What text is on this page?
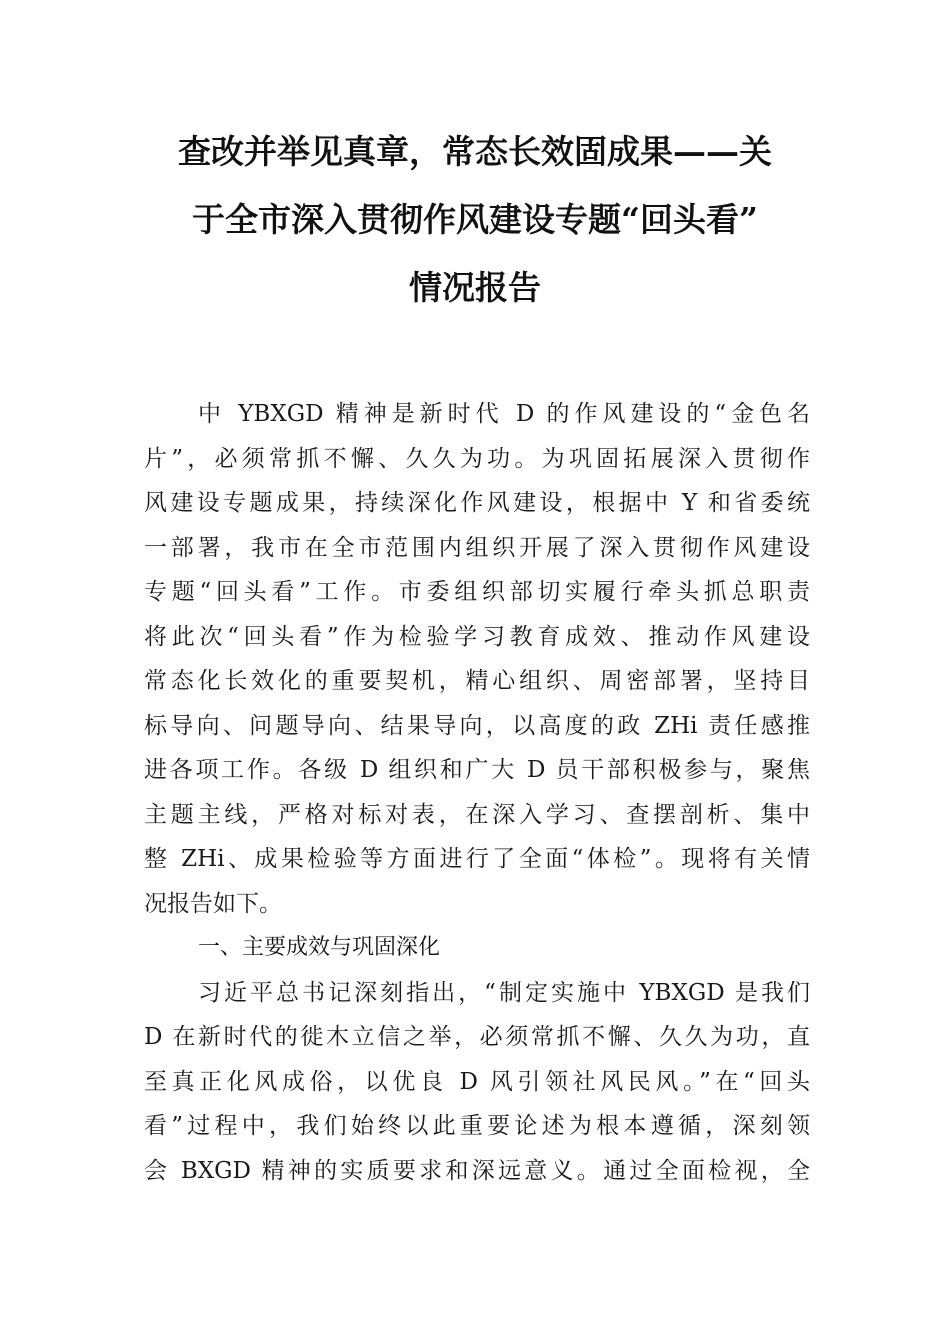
查改并举见真章，常态长效固成果——关
于全市深入贯彻作风建设专题“回头看”
情况报告
中 YBXGD 精神是新时代 D 的作风建设的“金色名
片”，必须常抓不懈、久久为功。为巩固拓展深入贯彻作
风建设专题成果，持续深化作风建设，根据中 Y 和省委统
一部署，我市在全市范围内组织开展了深入贯彻作风建设
专题“回头看”工作。市委组织部切实履行牵头抓总职责
将此次“回头看”作为检验学习教育成效、推动作风建设
常态化长效化的重要契机，精心组织、周密部署，坚持目
标导向、问题导向、结果导向，以高度的政 ZHi 责任感推
进各项工作。各级 D 组织和广大 D 员干部积极参与，聚焦
主题主线，严格对标对表，在深入学习、查摆剖析、集中
整 ZHi、成果检验等方面进行了全面“体检”。现将有关情
况报告如下。
一、主要成效与巩固深化
习近平总书记深刻指出，“制定实施中 YBXGD 是我们
D 在新时代的徙木立信之举，必须常抓不懈、久久为功，直
至真正化风成俗，以优良 D 风引领社风民风。”在“回头
看”过程中，我们始终以此重要论述为根本遵循，深刻领
会 BXGD 精神的实质要求和深远意义。通过全面检视，全
